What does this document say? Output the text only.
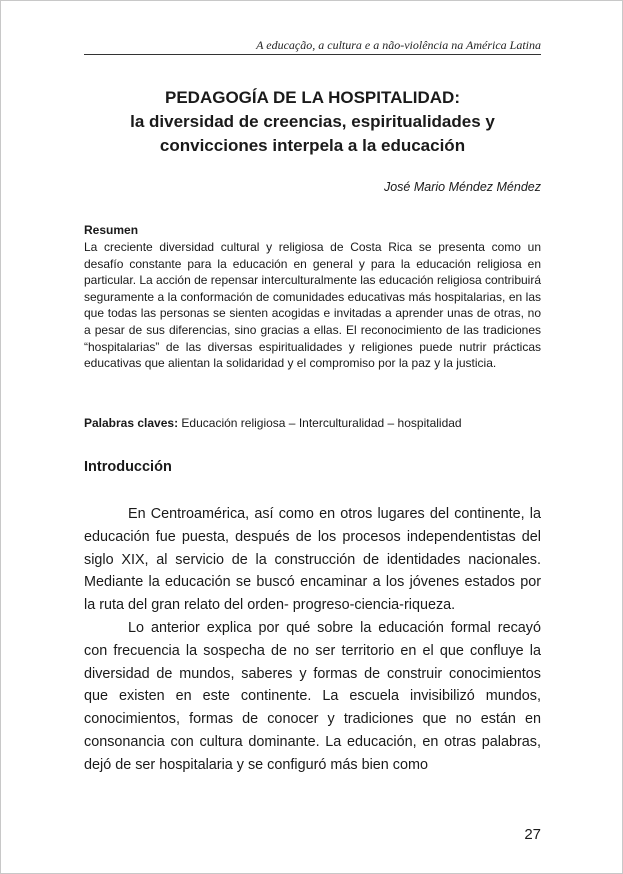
A educação, a cultura e a não-violência na América Latina
PEDAGOGÍA DE LA HOSPITALIDAD:
la diversidad de creencias, espiritualidades y
convicciones interpela a la educación
José Mario Méndez Méndez
Resumen

La creciente diversidad cultural y religiosa de Costa Rica se presenta como un desafío constante para la educación en general y para la educación religiosa en particular. La acción de repensar interculturalmente las educación religiosa contribuirá seguramente a la conformación de comunidades educativas más hospitalarias, en las que todas las personas se sienten acogidas e invitadas a aprender unas de otras, no a pesar de sus diferencias, sino gracias a ellas. El reconocimiento de las tradiciones “hospitalarias” de las diversas espiritualidades y religiones puede nutrir prácticas educativas que alientan la solidaridad y el compromiso por la paz y la justicia.

Palabras claves: Educación religiosa – Interculturalidad – hospitalidad

Introducción

En Centroamérica, así como en otros lugares del continente, la educación fue puesta, después de los procesos independentistas del siglo XIX, al servicio de la construcción de identidades nacionales. Mediante la educación se buscó encaminar a los jóvenes estados por la ruta del gran relato del orden- progreso-ciencia-riqueza.

Lo anterior explica por qué sobre la educación formal recayó con frecuencia la sospecha de no ser territorio en el que confluye la diversidad de mundos, saberes y formas de construir conocimientos que existen en este continente. La escuela invisibilizó mundos, conocimientos, formas de conocer y tradiciones que no están en consonancia con cultura dominante. La educación, en otras palabras, dejó de ser hospitalaria y se configuró más bien como

27
